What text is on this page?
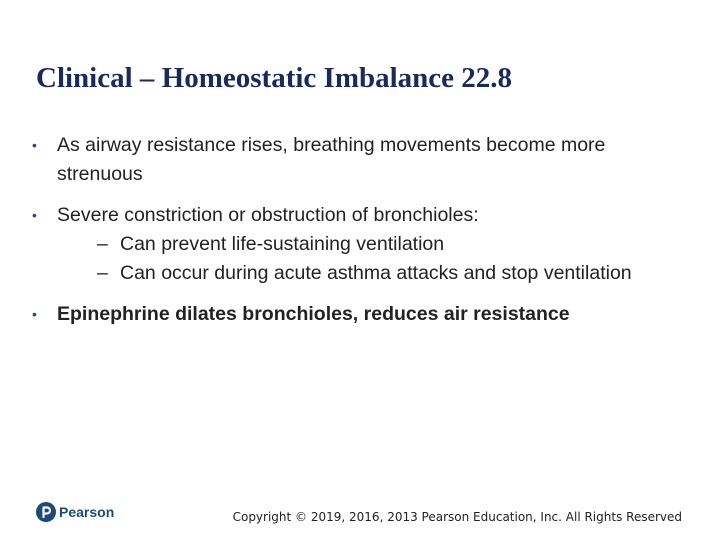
Clinical – Homeostatic Imbalance 22.8
• As airway resistance rises, breathing movements become more strenuous
• Severe constriction or obstruction of bronchioles:
– Can prevent life-sustaining ventilation
– Can occur during acute asthma attacks and stop ventilation
• Epinephrine dilates bronchioles, reduces air resistance
Pearson	Copyright © 2019, 2016, 2013 Pearson Education, Inc. All Rights Reserved
